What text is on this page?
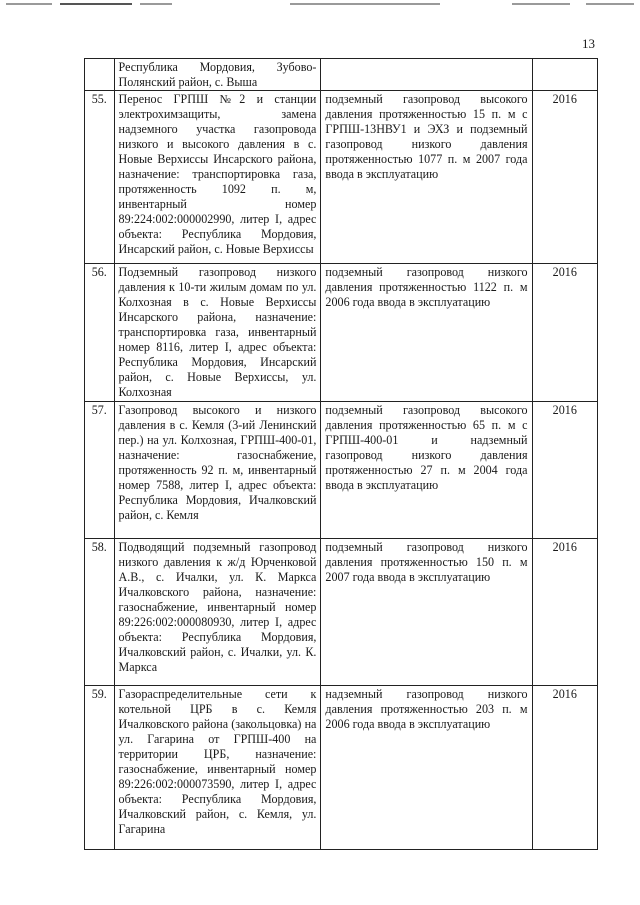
13
	Республика Мордовия, Зубово-Полянский район, с. Выша		
55.	Перенос ГРПШ №2 и станции электрохимзащиты, замена надземного участка газопровода низкого и высокого давления в с. Новые Верхиссы Инсарского района, назначение: транспортировка газа, протяженность 1092 п. м, инвентарный номер 89:224:002:000002990, литер I, адрес объекта: Республика Мордовия, Инсарский район, с. Новые Верхиссы	подземный газопровод высокого давления протяженностью 15 п. м с ГРПШ-13НВУ1 и ЭХЗ и подземный газопровод низкого давления протяженностью 1077 п. м 2007 года ввода в эксплуатацию	2016
56.	Подземный газопровод низкого давления к 10-ти жилым домам по ул. Колхозная в с. Новые Верхиссы Инсарского района, назначение: транспортировка газа, инвентарный номер 8116, литер I, адрес объекта: Республика Мордовия, Инсарский район, с. Новые Верхиссы, ул. Колхозная	подземный газопровод низкого давления протяженностью 1122 п. м 2006 года ввода в эксплуатацию	2016
57.	Газопровод высокого и низкого давления в с. Кемля (3-ий Ленинский пер.) на ул. Колхозная, ГРПШ-400-01, назначение: газоснабжение, протяженность 92 п. м, инвентарный номер 7588, литер I, адрес объекта: Республика Мордовия, Ичалковский район, с. Кемля	подземный газопровод высокого давления протяженностью 65 п. м с ГРПШ-400-01 и надземный газопровод низкого давления протяженностью 27 п. м 2004 года ввода в эксплуатацию	2016
58.	Подводящий подземный газопровод низкого давления к ж/д Юрченковой А.В., с. Ичалки, ул. К. Маркса Ичалковского района, назначение: газоснабжение, инвентарный номер 89:226:002:000080930, литер I, адрес объекта: Республика Мордовия, Ичалковский район, с. Ичалки, ул. К. Маркса	подземный газопровод низкого давления протяженностью 150 п. м 2007 года ввода в эксплуатацию	2016
59.	Газораспределительные сети к котельной ЦРБ в с. Кемля Ичалковского района (закольцовка) на ул. Гагарина от ГРПШ-400 на территории ЦРБ, назначение: газоснабжение, инвентарный номер 89:226:002:000073590, литер I, адрес объекта: Республика Мордовия, Ичалковский район, с. Кемля, ул. Гагарина	надземный газопровод низкого давления протяженностью 203 п. м 2006 года ввода в эксплуатацию	2016
